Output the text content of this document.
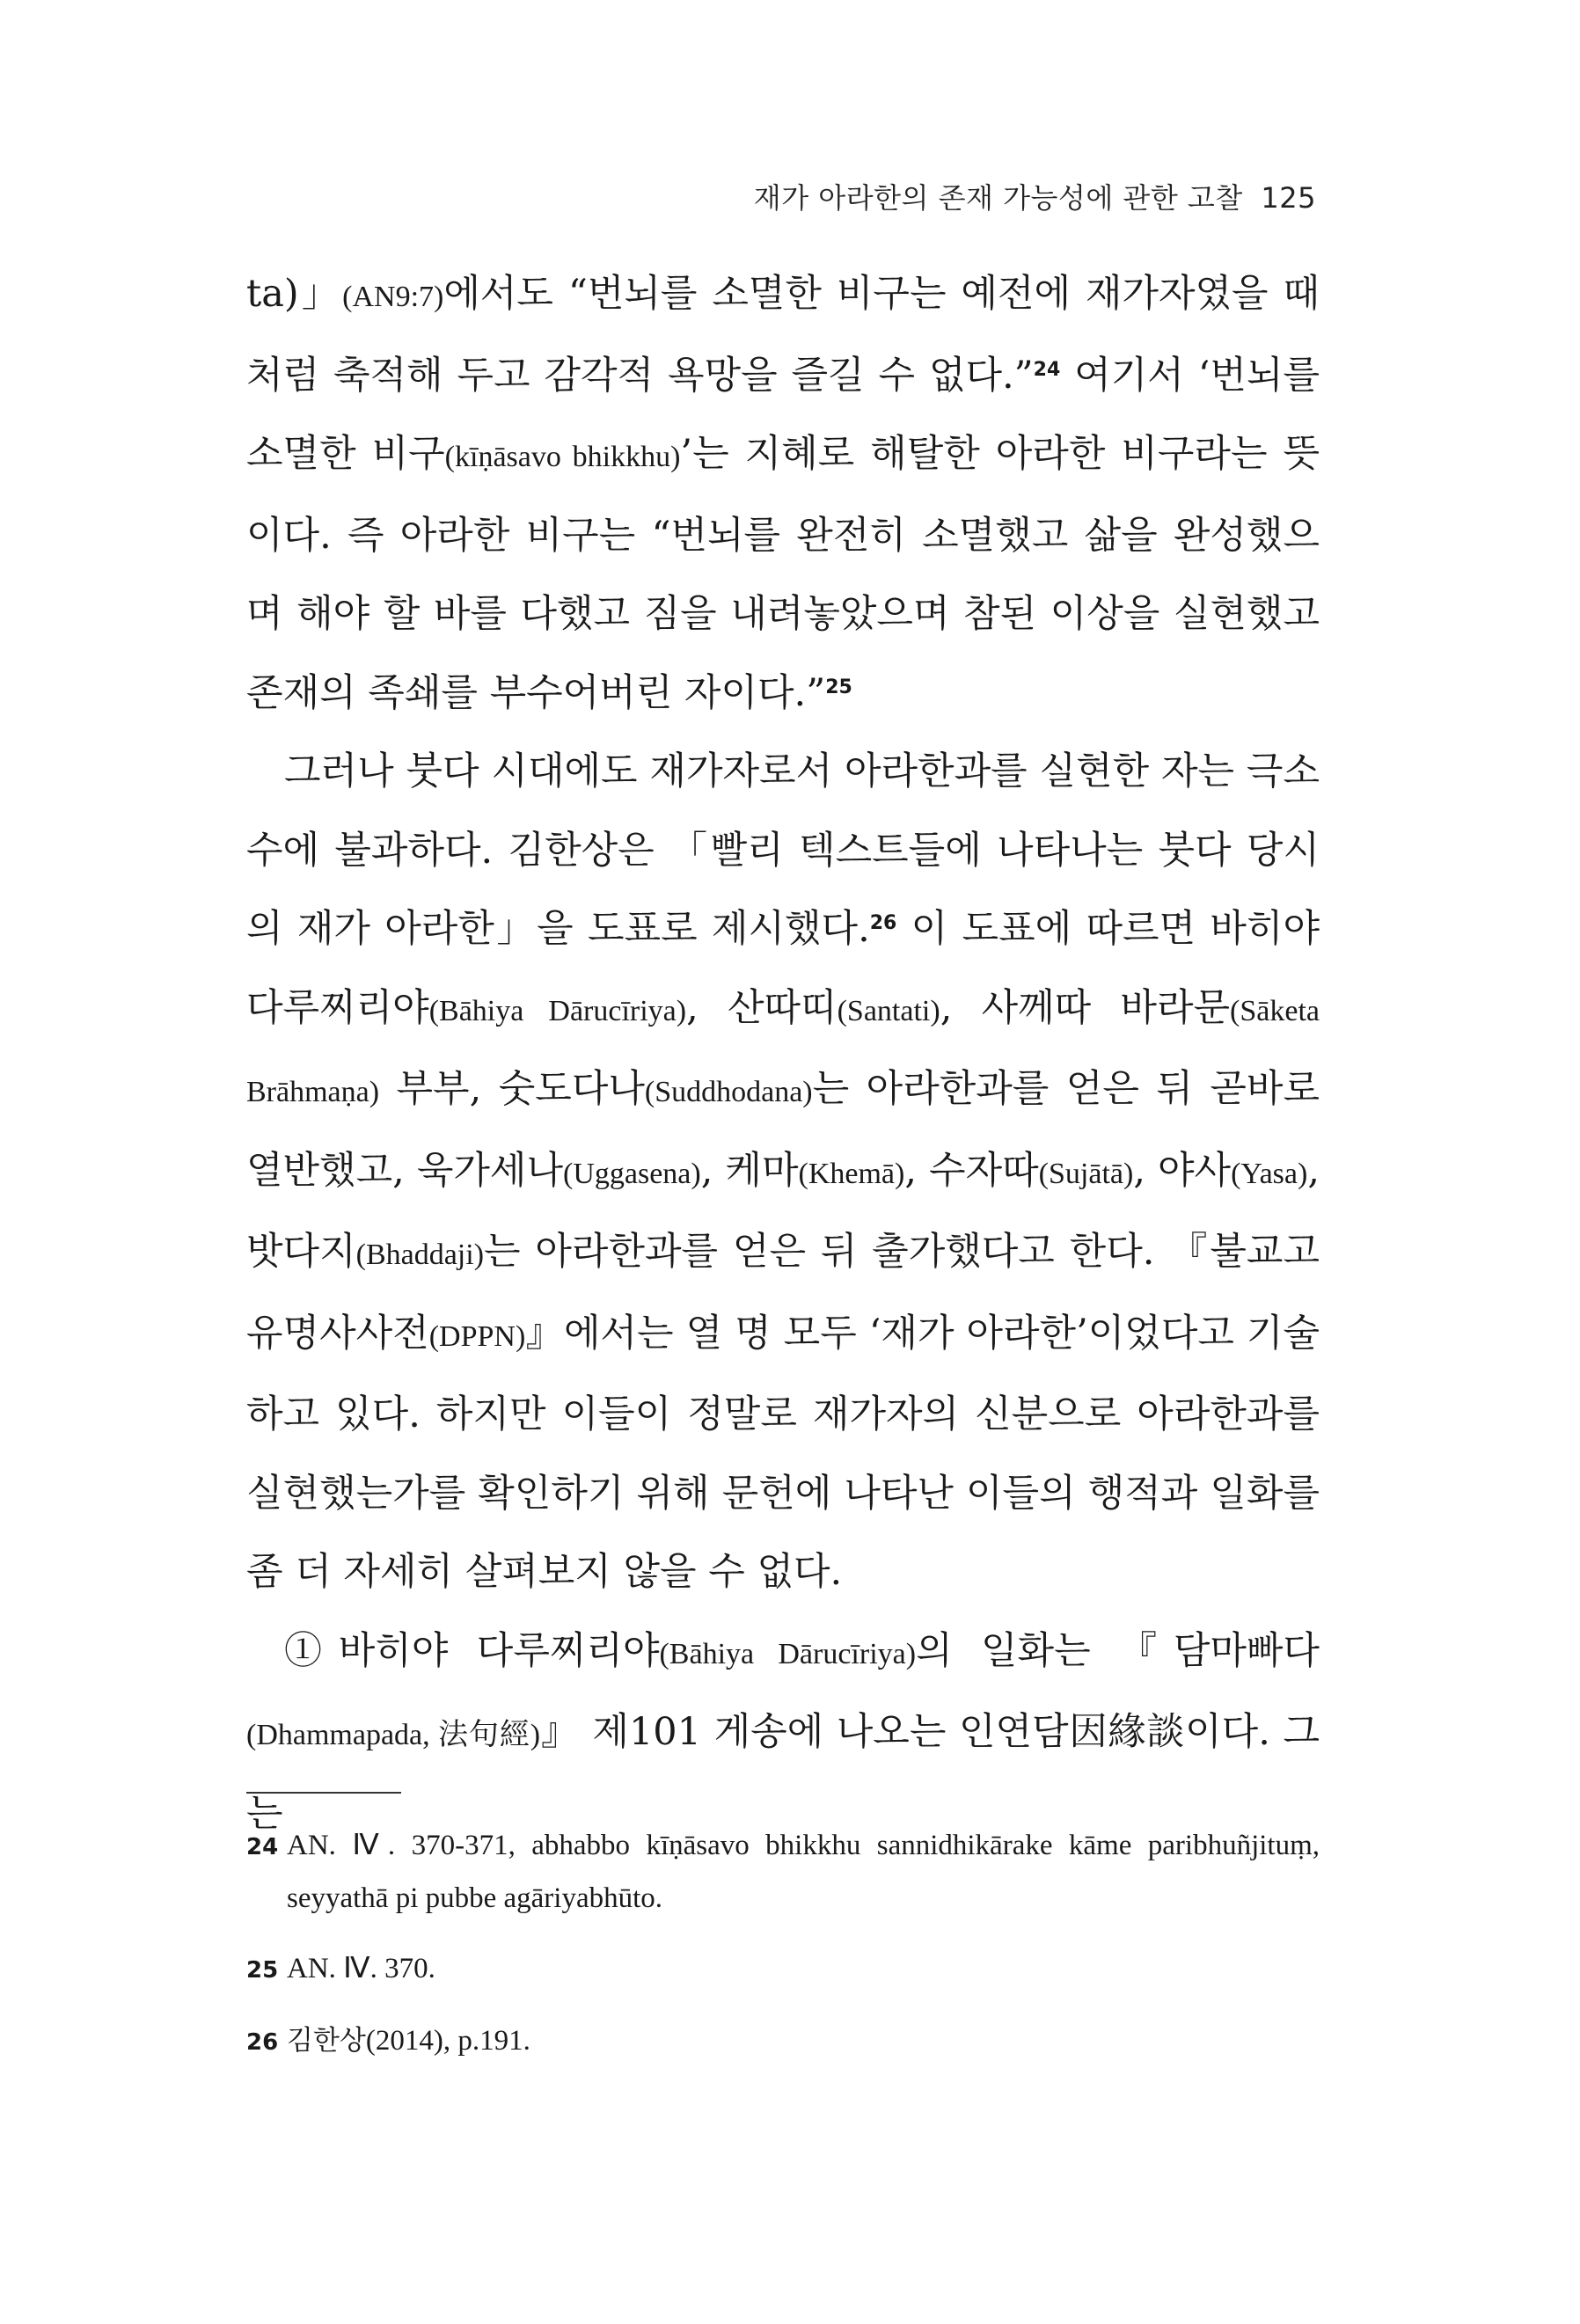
재가 아라한의 존재 가능성에 관한 고찰 125

ta)」(AN9:7)에서도 “번뇌를 소멸한 비구는 예전에 재가자였을 때처럼 축적해 두고 감각적 욕망을 즐길 수 없다.”$^{24}$ 여기서 ‘번뇌를 소멸한 비구(kīṇāsavo bhikkhu)’는 지혜로 해탈한 아라한 비구라는 뜻이다. 즉 아라한 비구는 “번뇌를 완전히 소멸했고 삶을 완성했으며 해야 할 바를 다했고 짐을 내려놓았으며 참된 이상을 실현했고 존재의 족쇄를 부수어버린 자이다.”$^{25}$

그러나 붓다 시대에도 재가자로서 아라한과를 실현한 자는 극소수에 불과하다. 김한상은 「빨리 텍스트들에 나타나는 붓다 당시의 재가 아라한」을 도표로 제시했다.$^{26}$ 이 도표에 따르면 바히야 다루찌리야(Bāhiya Dārucīriya), 산따띠(Santati), 사께따 바라문(Sāketa Brāhmaṇa) 부부, 숫도다나(Suddhodana)는 아라한과를 얻은 뒤 곧바로 열반했고, 욱가세나(Uggasena), 케마(Khemā), 수자따(Sujātā), 야사(Yasa), 밧다지(Bhaddaji)는 아라한과를 얻은 뒤 출가했다고 한다. 『불교고유명사사전(DPPN)』에서는 열 명 모두 ‘재가 아라한’이었다고 기술하고 있다. 하지만 이들이 정말로 재가자의 신분으로 아라한과를 실현했는가를 확인하기 위해 문헌에 나타난 이들의 행적과 일화를 좀 더 자세히 살펴보지 않을 수 없다.

①바히야 다루찌리야(Bāhiya Dārucīriya)의 일화는 『담마빠다(Dhammapada, 法句經)』 제101 게송에 나오는 인연담因緣談이다. 그는

24 AN. Ⅳ. 370-371, abhabbo kīṇāsavo bhikkhu sannidhikārake kāme paribhuñjituṃ, seyyathā pi pubbe agāriyabhūto.
25 AN. Ⅳ. 370.
26 김한상(2014), p.191.
